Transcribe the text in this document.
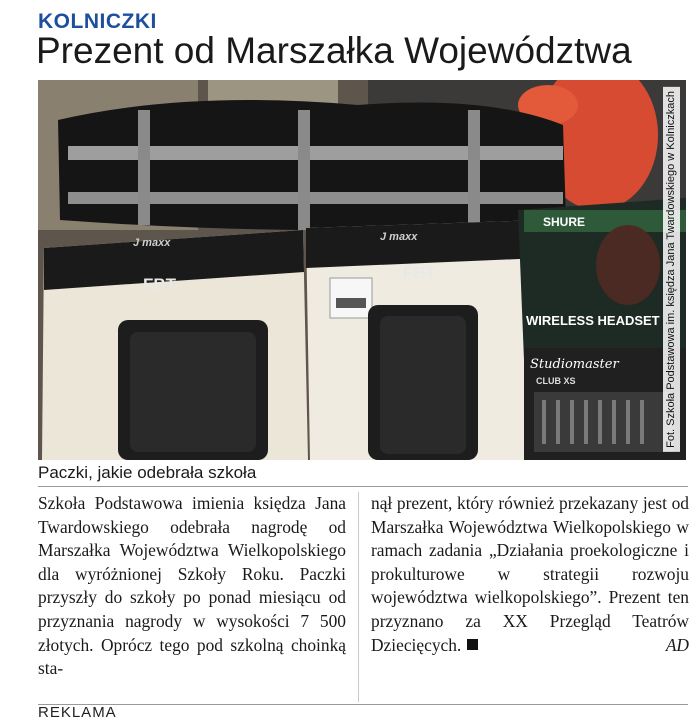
KOLNICZKI
Prezent od Marszałka Województwa
FBT
J maxx
FBT
J maxx
SHURE
WIRELESS HEADSET
Studiomaster
CLUB XS	Fot. Szkoła Podstawowa im. księdza Jana Twardowskiego w Kolniczkach
Paczki, jakie odebrała szkoła

Szkoła Podstawowa imienia księdza Jana Twardowskiego odebrała nagrodę od Marszałka Województwa Wielkopolskiego dla wyróżnionej Szkoły Roku. Paczki przyszły do szkoły po ponad miesiącu od przyznania nagrody w wysokości 7 500 złotych. Oprócz tego pod szkolną choinką sta-

nął prezent, który również przekazany jest od Marszałka Województwa Wielkopolskiego w ramach zadania „Działania proekologiczne i prokulturowe w strategii rozwoju województwa wielkopolskiego”. Prezent ten przyznano za XX Przegląd Teatrów Dziecięcych.	AD

REKLAMA
